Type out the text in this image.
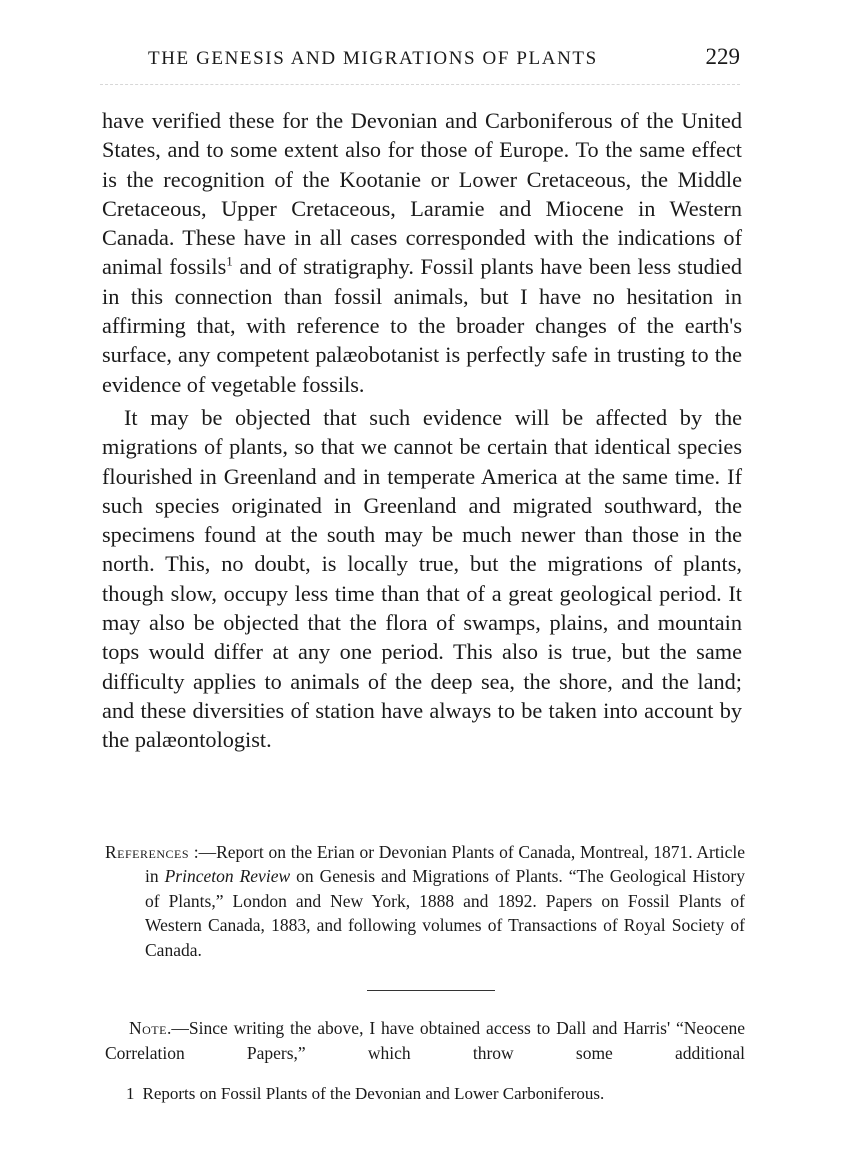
THE GENESIS AND MIGRATIONS OF PLANTS	229

have verified these for the Devonian and Carboniferous of the United States, and to some extent also for those of Europe. To the same effect is the recognition of the Kootanie or Lower Cretaceous, the Middle Cretaceous, Upper Cretaceous, Laramie and Miocene in Western Canada. These have in all cases corresponded with the indications of animal fossils$^1$ and of stratigraphy. Fossil plants have been less studied in this connection than fossil animals, but I have no hesitation in affirming that, with reference to the broader changes of the earth's surface, any competent palæobotanist is perfectly safe in trusting to the evidence of vegetable fossils.

It may be objected that such evidence will be affected by the migrations of plants, so that we cannot be certain that identical species flourished in Greenland and in temperate America at the same time. If such species originated in Greenland and migrated southward, the specimens found at the south may be much newer than those in the north. This, no doubt, is locally true, but the migrations of plants, though slow, occupy less time than that of a great geological period. It may also be objected that the flora of swamps, plains, and mountain tops would differ at any one period. This also is true, but the same difficulty applies to animals of the deep sea, the shore, and the land; and these diversities of station have always to be taken into account by the palæontologist.

References :—Report on the Erian or Devonian Plants of Canada, Montreal, 1871. Article in Princeton Review on Genesis and Migrations of Plants. “The Geological History of Plants,” London and New York, 1888 and 1892. Papers on Fossil Plants of Western Canada, 1883, and following volumes of Transactions of Royal Society of Canada.

Note.—Since writing the above, I have obtained access to Dall and Harris' “Neocene Correlation Papers,” which throw some additional

1 Reports on Fossil Plants of the Devonian and Lower Carboniferous.
